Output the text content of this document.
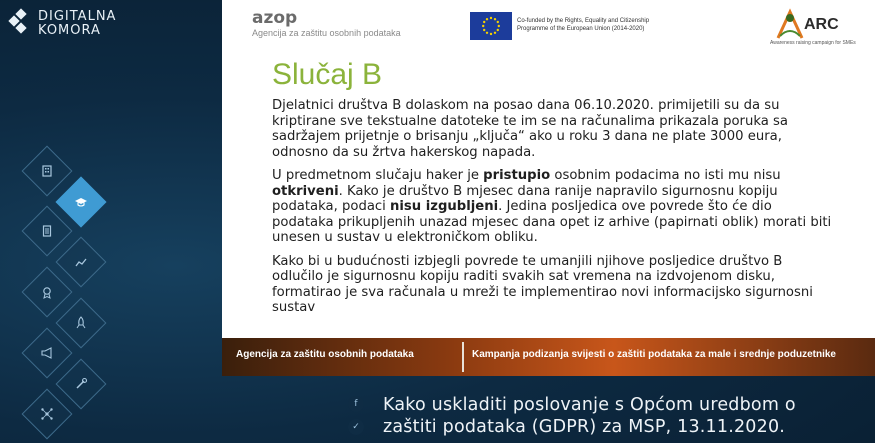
DIGITALNA
KOMORA
azop
Agencija za zaštitu osobnih podataka
Co-funded by the Rights, Equality and Citizenship Programme of the European Union (2014-2020)	ARC
Awareness raising campaign for SMEs
Slučaj B

Djelatnici društva B dolaskom na posao dana 06.10.2020. primijetili su da su kriptirane sve tekstualne datoteke te im se na računalima prikazala poruka sa sadržajem prijetnje o brisanju „ključa“ ako u roku 3 dana ne plate 3000 eura, odnosno da su žrtva hakerskog napada.

U predmetnom slučaju haker je pristupio osobnim podacima no isti mu nisu otkriveni. Kako je društvo B mjesec dana ranije napravilo sigurnosnu kopiju podataka, podaci nisu izgubljeni. Jedina posljedica ove povrede što će dio podataka prikupljenih unazad mjesec dana opet iz arhive (papirnati oblik) morati biti unesen u sustav u elektroničkom obliku.

Kako bi u budućnosti izbjegli povrede te umanjili njihove posljedice društvo B odlučilo je sigurnosnu kopiju raditi svakih sat vremena na izdvojenom disku, formatirao je sva računala u mreži te implementirao novi informacijsko sigurnosni sustav

Agencija za zaštitu osobnih podataka	Kampanja podizanja svijesti o zaštiti podataka za male i srednje poduzetnike
f
✓
Kako uskladiti poslovanje s Općom uredbom o
zaštiti podataka (GDPR) za MSP, 13.11.2020.
